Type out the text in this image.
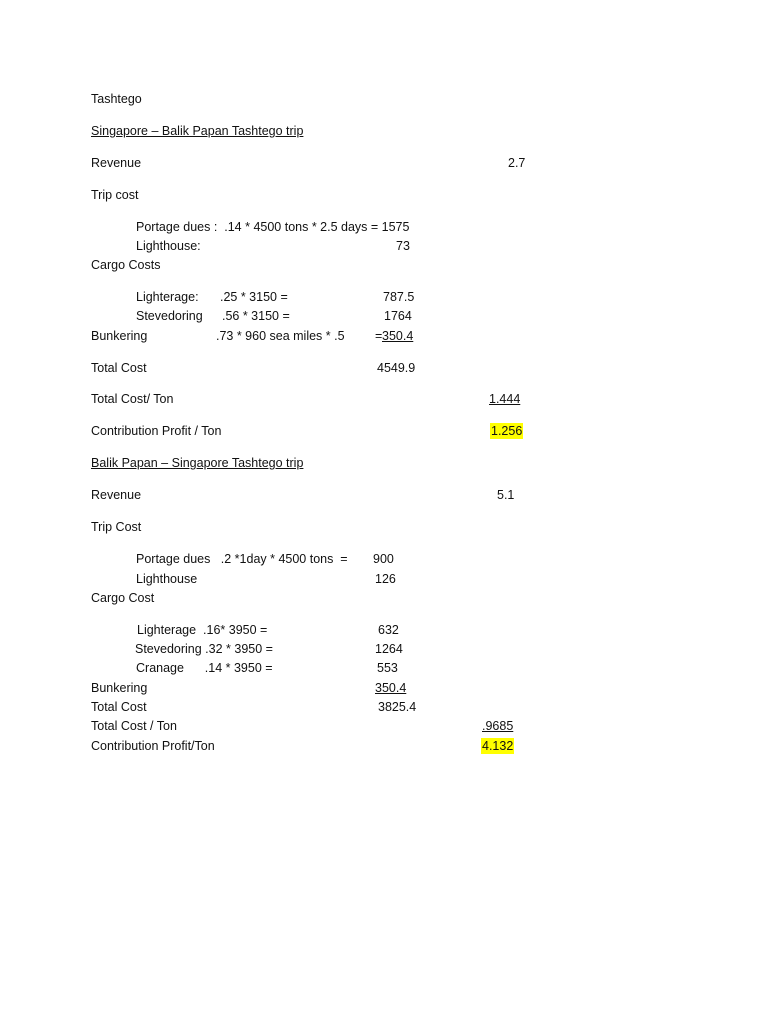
Tashtego
Singapore – Balik Papan Tashtego trip
Revenue	2.7
Trip cost
Portage dues :  .14 * 4500 tons * 2.5 days = 1575
Lighthouse:	73
Cargo Costs
Lighterage: .25 * 3150 =	787.5
Stevedoring .56 * 3150 =	1764
Bunkering	.73 * 960 sea miles * .5 = 350.4
Total Cost	4549.9
Total Cost/ Ton	1.444
Contribution Profit / Ton	1.256
Balik Papan – Singapore Tashtego trip
Revenue	5.1
Trip Cost
Portage dues   .2 *1day * 4500 tons  = 900
Lighthouse	126
Cargo Cost
Lighterage  .16* 3950 =	632
Stevedoring .32 * 3950 =	1264
Cranage      .14 * 3950 =	553
Bunkering	350.4
Total Cost	3825.4
Total Cost / Ton	.9685
Contribution Profit/Ton	4.132
